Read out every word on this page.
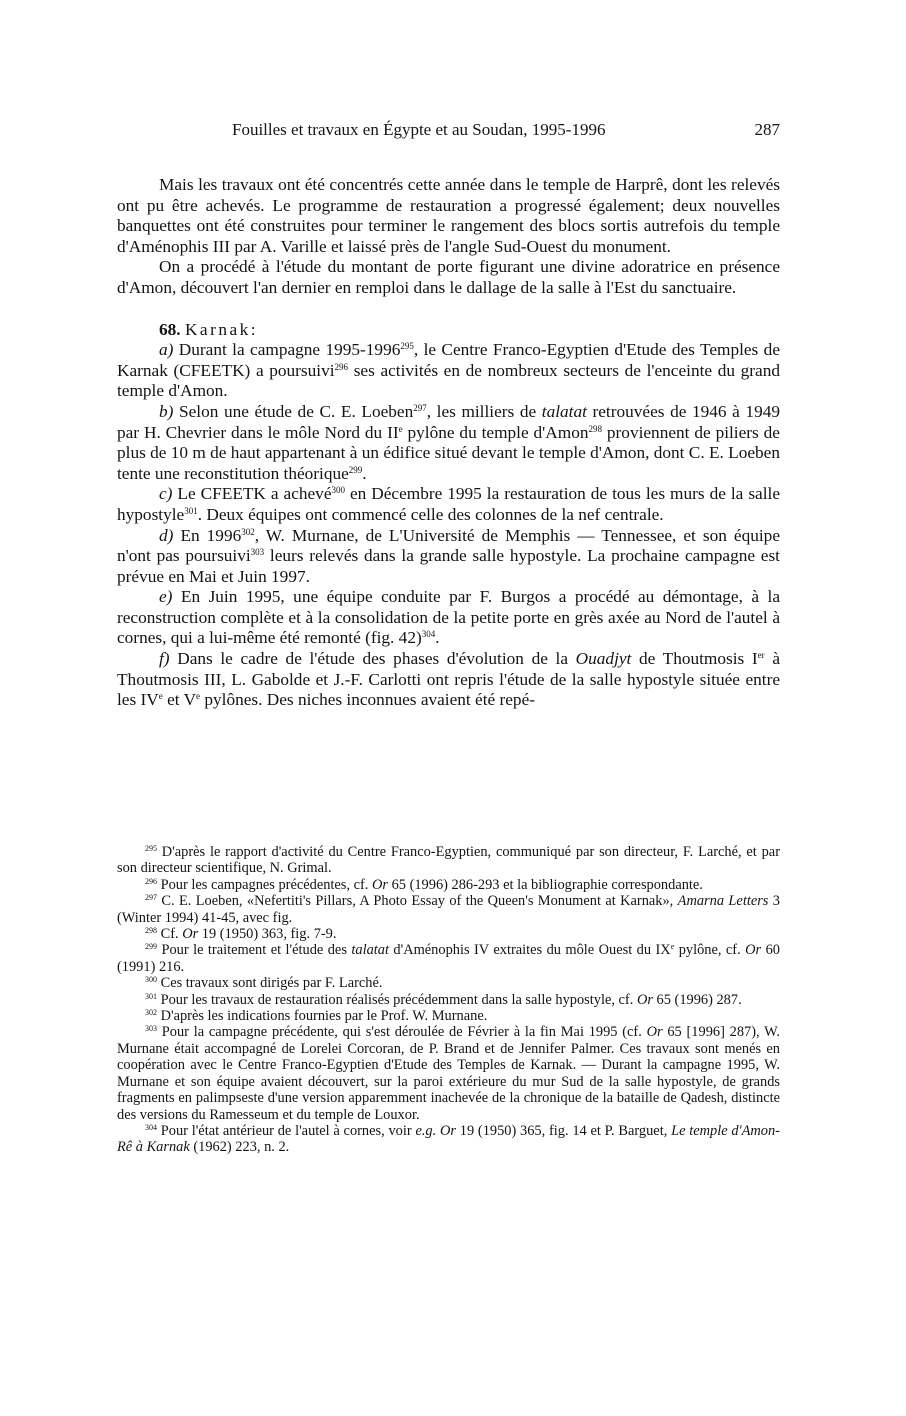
Fouilles et travaux en Égypte et au Soudan, 1995-1996	287

Mais les travaux ont été concentrés cette année dans le temple de Harprê, dont les relevés ont pu être achevés. Le programme de restauration a progressé également; deux nouvelles banquettes ont été construites pour terminer le rangement des blocs sortis autrefois du temple d'Aménophis III par A. Varille et laissé près de l'angle Sud-Ouest du monument.

On a procédé à l'étude du montant de porte figurant une divine adoratrice en présence d'Amon, découvert l'an dernier en remploi dans le dallage de la salle à l'Est du sanctuaire.

68. Karnak:

a) Durant la campagne 1995-1996$^{295}$, le Centre Franco-Egyptien d'Etude des Temples de Karnak (CFEETK) a poursuivi$^{296}$ ses activités en de nombreux secteurs de l'enceinte du grand temple d'Amon.

b) Selon une étude de C. E. Loeben$^{297}$, les milliers de talatat retrouvées de 1946 à 1949 par H. Chevrier dans le môle Nord du IIe pylône du temple d'Amon$^{298}$ proviennent de piliers de plus de 10 m de haut appartenant à un édifice situé devant le temple d'Amon, dont C. E. Loeben tente une reconstitution théorique$^{299}$.

c) Le CFEETK a achevé$^{300}$ en Décembre 1995 la restauration de tous les murs de la salle hypostyle$^{301}$. Deux équipes ont commencé celle des colonnes de la nef centrale.

d) En 1996$^{302}$, W. Murnane, de L'Université de Memphis — Tennessee, et son équipe n'ont pas poursuivi$^{303}$ leurs relevés dans la grande salle hypostyle. La prochaine campagne est prévue en Mai et Juin 1997.

e) En Juin 1995, une équipe conduite par F. Burgos a procédé au démontage, à la reconstruction complète et à la consolidation de la petite porte en grès axée au Nord de l'autel à cornes, qui a lui-même été remonté (fig. 42)$^{304}$.

f) Dans le cadre de l'étude des phases d'évolution de la Ouadjyt de Thoutmosis Ier à Thoutmosis III, L. Gabolde et J.-F. Carlotti ont repris l'étude de la salle hypostyle située entre les IVe et Ve pylônes. Des niches inconnues avaient été repé-

$^{295}$ D'après le rapport d'activité du Centre Franco-Egyptien, communiqué par son directeur, F. Larché, et par son directeur scientifique, N. Grimal.

$^{296}$ Pour les campagnes précédentes, cf. Or 65 (1996) 286-293 et la bibliographie correspondante.

$^{297}$ C. E. Loeben, «Nefertiti's Pillars, A Photo Essay of the Queen's Monument at Karnak», Amarna Letters 3 (Winter 1994) 41-45, avec fig.

$^{298}$ Cf. Or 19 (1950) 363, fig. 7-9.

$^{299}$ Pour le traitement et l'étude des talatat d'Aménophis IV extraites du môle Ouest du IXe pylône, cf. Or 60 (1991) 216.

$^{300}$ Ces travaux sont dirigés par F. Larché.

$^{301}$ Pour les travaux de restauration réalisés précédemment dans la salle hypostyle, cf. Or 65 (1996) 287.

$^{302}$ D'après les indications fournies par le Prof. W. Murnane.

$^{303}$ Pour la campagne précédente, qui s'est déroulée de Février à la fin Mai 1995 (cf. Or 65 [1996] 287), W. Murnane était accompagné de Lorelei Corcoran, de P. Brand et de Jennifer Palmer. Ces travaux sont menés en coopération avec le Centre Franco-Egyptien d'Etude des Temples de Karnak. — Durant la campagne 1995, W. Murnane et son équipe avaient découvert, sur la paroi extérieure du mur Sud de la salle hypostyle, de grands fragments en palimpseste d'une version apparemment inachevée de la chronique de la bataille de Qadesh, distincte des versions du Ramesseum et du temple de Louxor.

$^{304}$ Pour l'état antérieur de l'autel à cornes, voir e.g. Or 19 (1950) 365, fig. 14 et P. Barguet, Le temple d'Amon-Rê à Karnak (1962) 223, n. 2.
